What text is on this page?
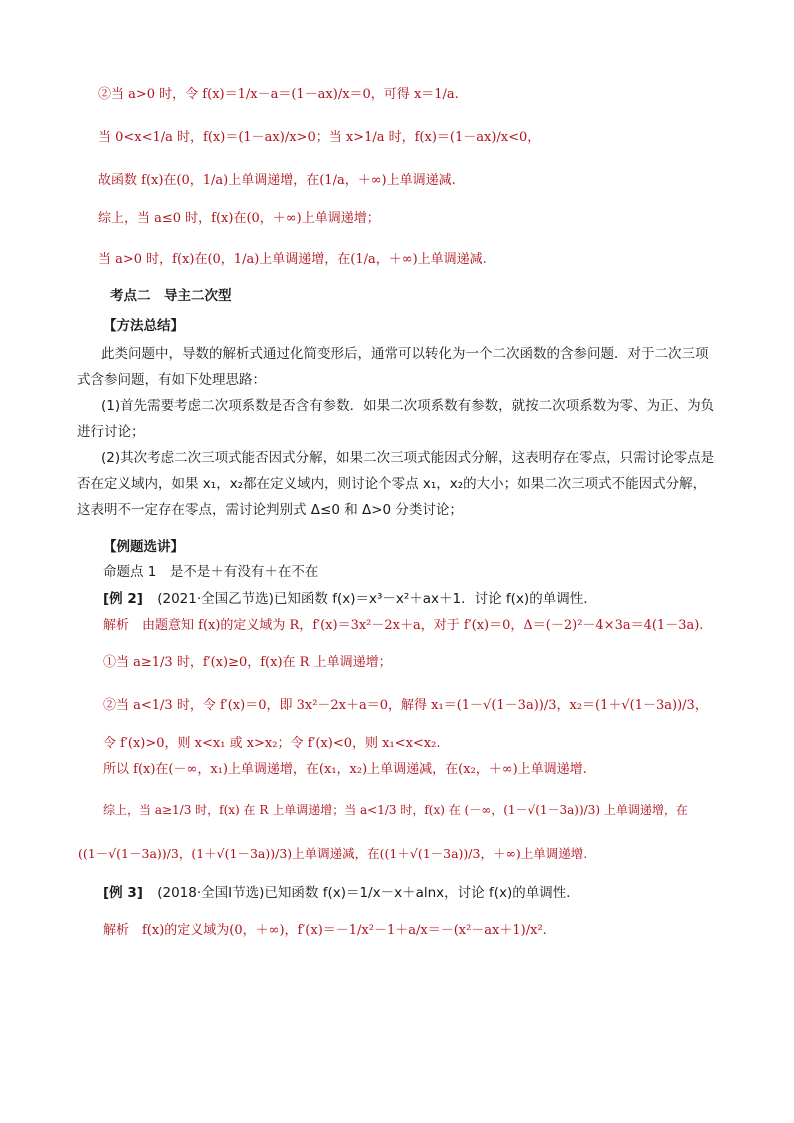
②当 a>0 时，令 f(x)＝1/x－a＝(1－ax)/x＝0，可得 x＝1/a.
当 0<x<1/a 时，f(x)＝(1－ax)/x>0；当 x>1/a 时，f(x)＝(1－ax)/x<0，
故函数 f(x)在(0，1/a)上单调递增，在(1/a，＋∞)上单调递减.
综上，当 a≤0 时，f(x)在(0，＋∞)上单调递增；
当 a>0 时，f(x)在(0，1/a)上单调递增，在(1/a，＋∞)上单调递减.
考点二　导主二次型
【方法总结】
此类问题中，导数的解析式通过化简变形后，通常可以转化为一个二次函数的含参问题．对于二次三项式含参问题，有如下处理思路：
(1)首先需要考虑二次项系数是否含有参数．如果二次项系数有参数，就按二次项系数为零、为正、为负进行讨论；
(2)其次考虑二次三项式能否因式分解，如果二次三项式能因式分解，这表明存在零点，只需讨论零点是否在定义域内，如果 x₁，x₂都在定义域内，则讨论个零点 x₁，x₂的大小；如果二次三项式不能因式分解，这表明不一定存在零点，需讨论判别式 Δ≤0 和 Δ>0 分类讨论；
【例题选讲】
命题点 1　是不是＋有没有＋在不在
[例 2] (2021·全国乙节选)已知函数 f(x)＝x³－x²＋ax＋1．讨论 f(x)的单调性．
解析　由题意知 f(x)的定义域为 R，f′(x)＝3x²－2x＋a，对于 f′(x)＝0，Δ＝(－2)²－4×3a＝4(1－3a).
①当 a≥1/3 时，f′(x)≥0，f(x)在 R 上单调递增；
②当 a<1/3 时，令 f′(x)＝0，即 3x²－2x＋a＝0，解得 x₁＝(1－√(1－3a))/3，x₂＝(1＋√(1－3a))/3，
令 f′(x)>0，则 x<x₁ 或 x>x₂；令 f′(x)<0，则 x₁<x<x₂.
所以 f(x)在(－∞，x₁)上单调递增，在(x₁，x₂)上单调递减，在(x₂，＋∞)上单调递增.
综上，当 a≥1/3 时，f(x) 在 R 上单调递增；当 a<1/3 时，f(x) 在 (－∞，(1－√(1－3a))/3) 上单调递增，在
((1－√(1－3a))/3，(1＋√(1－3a))/3)上单调递减，在((1＋√(1－3a))/3，＋∞)上单调递增.
[例 3] (2018·全国Ⅰ节选)已知函数 f(x)＝1/x－x＋alnx，讨论 f(x)的单调性．
解析　f(x)的定义域为(0，＋∞)，f′(x)＝－1/x²－1＋a/x＝－(x²－ax＋1)/x².
